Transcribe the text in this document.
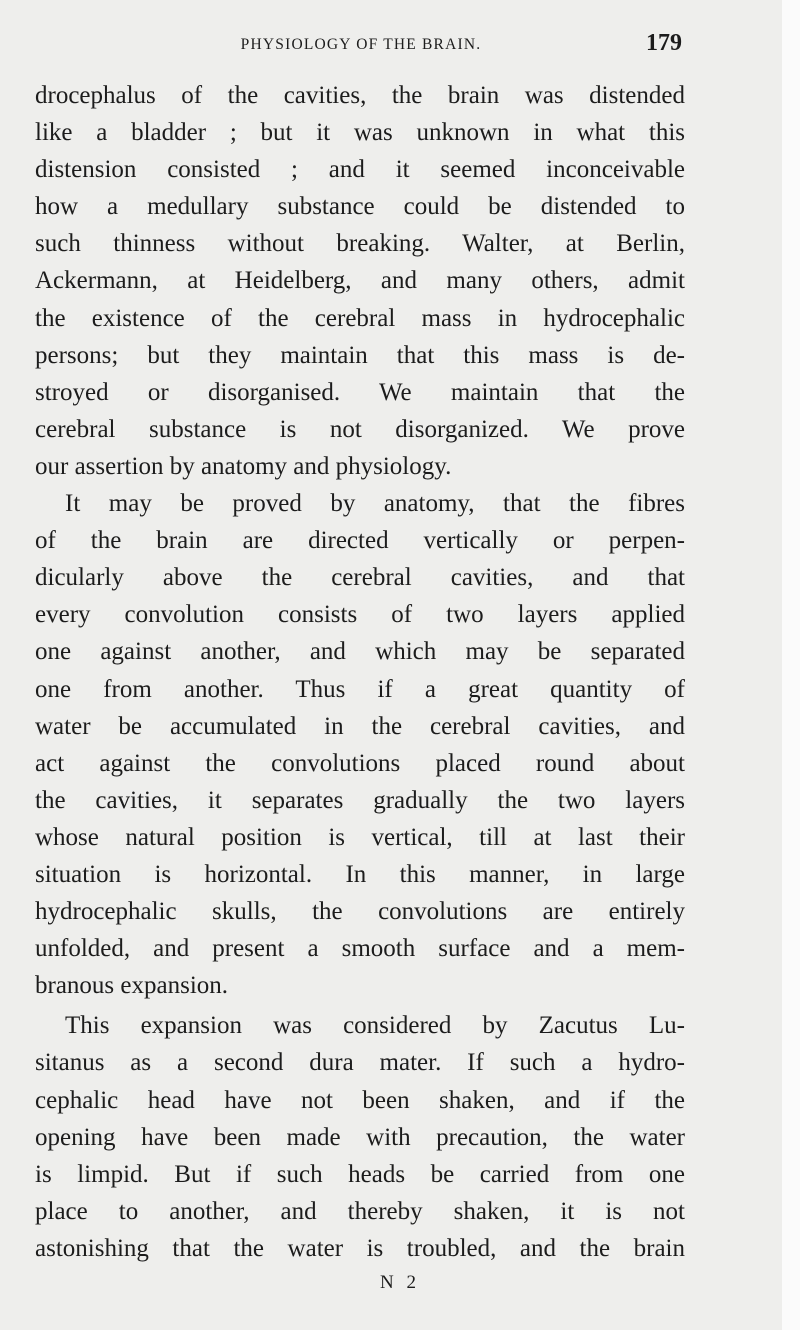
PHYSIOLOGY OF THE BRAIN.	179
drocephalus of the cavities, the brain was distended
like a bladder ; but it was unknown in what this
distension consisted ; and it seemed inconceivable
how a medullary substance could be distended to
such thinness without breaking. Walter, at Berlin,
Ackermann, at Heidelberg, and many others, admit
the existence of the cerebral mass in hydrocephalic
persons; but they maintain that this mass is de-
stroyed or disorganised. We maintain that the
cerebral substance is not disorganized. We prove
our assertion by anatomy and physiology.
It may be proved by anatomy, that the fibres
of the brain are directed vertically or perpen-
dicularly above the cerebral cavities, and that
every convolution consists of two layers applied
one against another, and which may be separated
one from another. Thus if a great quantity of
water be accumulated in the cerebral cavities, and
act against the convolutions placed round about
the cavities, it separates gradually the two layers
whose natural position is vertical, till at last their
situation is horizontal. In this manner, in large
hydrocephalic skulls, the convolutions are entirely
unfolded, and present a smooth surface and a mem-
branous expansion.
This expansion was considered by Zacutus Lu-
sitanus as a second dura mater. If such a hydro-
cephalic head have not been shaken, and if the
opening have been made with precaution, the water
is limpid. But if such heads be carried from one
place to another, and thereby shaken, it is not
astonishing that the water is troubled, and the brain
N 2
